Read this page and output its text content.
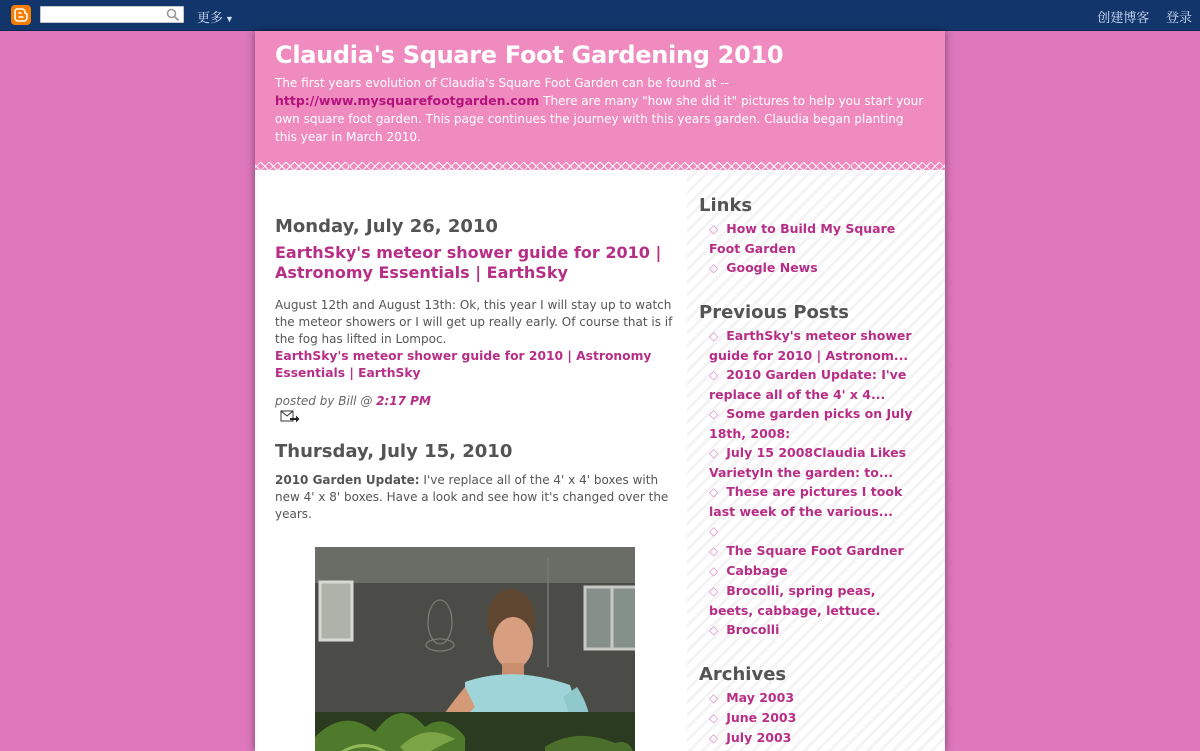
更多 ▼	创建博客 登录
Claudia's Square Foot Gardening 2010

The first years evolution of Claudia's Square Foot Garden can be found at --
http://www.mysquarefootgarden.com There are many "how she did it" pictures to help you start your own square foot garden. This page continues the journey with this years garden. Claudia began planting this year in March 2010.

Monday, July 26, 2010
EarthSky's meteor shower guide for 2010 | Astronomy Essentials | EarthSky
August 12th and August 13th: Ok, this year I will stay up to watch the meteor showers or I will get up really early. Of course that is if the fog has lifted in Lompoc.
EarthSky's meteor shower guide for 2010 | Astronomy Essentials | EarthSky
posted by Bill @ 2:17 PM
Thursday, July 15, 2010
2010 Garden Update: I've replace all of the 4' x 4' boxes with new 4' x 8' boxes. Have a look and see how it's changed over the years.
Links
◇ How to Build My Square Foot Garden
◇ Google News
Previous Posts
◇ EarthSky's meteor shower guide for 2010 | Astronom...
◇ 2010 Garden Update: I've replace all of the 4' x 4...
◇ Some garden picks on July 18th, 2008:
◇ July 15 2008Claudia Likes VarietyIn the garden: to...
◇ These are pictures I took last week of the various...
◇
◇ The Square Foot Gardner
◇ Cabbage
◇ Brocolli, spring peas, beets, cabbage, lettuce.
◇ Brocolli
Archives
◇ May 2003
◇ June 2003
◇ July 2003
